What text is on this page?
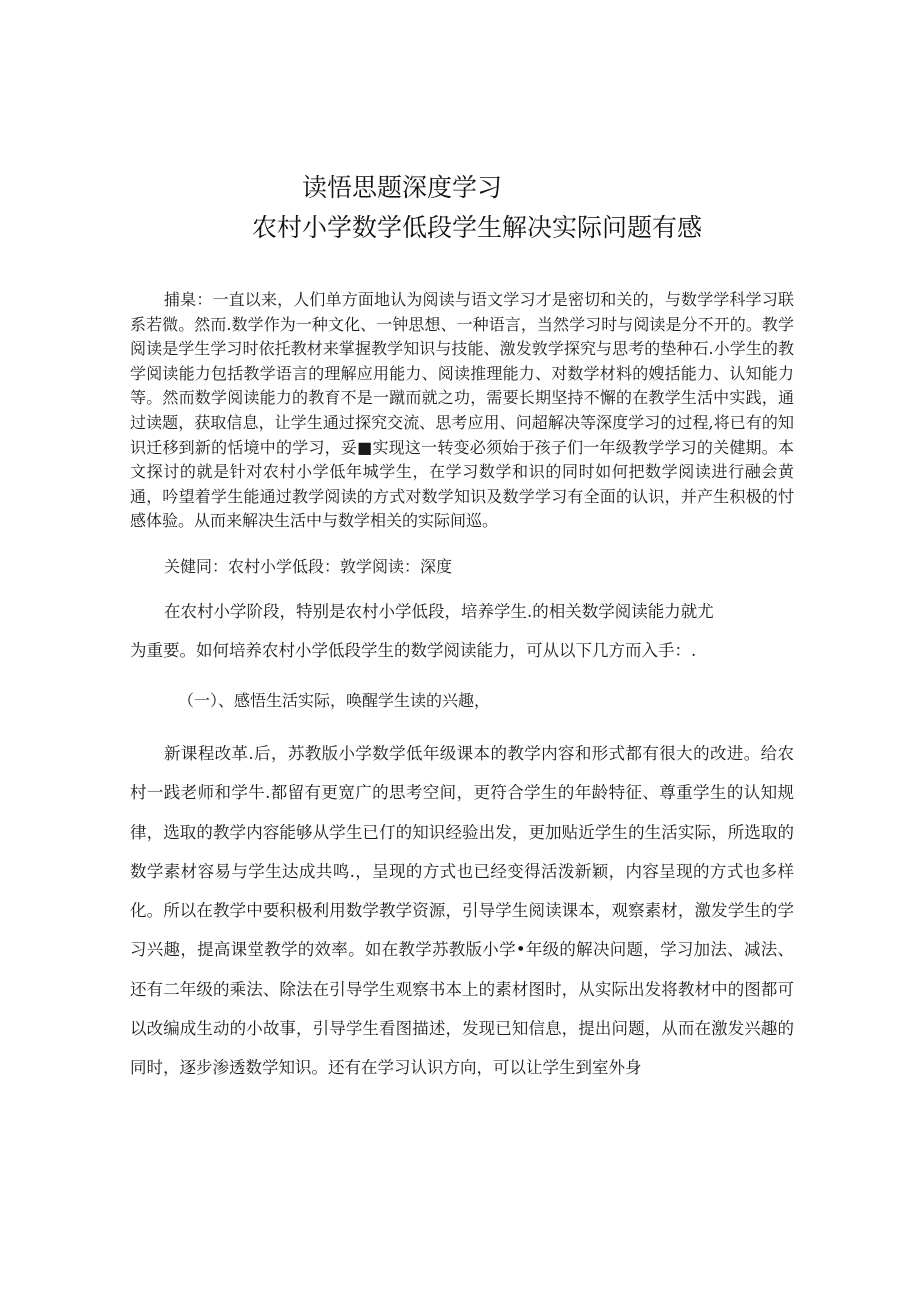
读悟思题深度学习
农村小学数学低段学生解决实际问题有感

捕臬：一直以来，人们单方面地认为阅读与语文学习才是密切和关的，与数学学科学习联系若微。然而.数学作为一种文化、一钟思想、一种语言，当然学习时与阅读是分不开的。教学阅读是学生学习时依托教材来掌握教学知识与技能、激发敦学探究与思考的垫种石.小学生的教学阅读能力包括教学语言的理解应用能力、阅读推理能力、对数学材料的嫂括能力、认知能力等。然而数学阅读能力的教育不是一蹴而就之功，需要长期坚持不懈的在教学生活中实践，通过读题，获取信息，让学生通过探究交流、思考应用、问超解决等深度学习的过程,将已有的知识迁移到新的恬境中的学习，妥■实现这一转变必须始于孩子们一年级教学学习的关健期。本文探讨的就是针对农村小学低年城学生，在学习数学和识的同时如何把数学阅读进行融会黄通，吟望着学生能通过教学阅读的方式对数学知识及数学学习有全面的认识，并产生积极的忖感体验。从而来解决生活中与数学相关的实际间巡。

关健同：农村小学低段：敦学阅读：深度
在农村小学阶段，特别是农村小学低段，培养学生.的相关数学阅读能力就尤
为重要。如何培养农村小学低段学生的数学阅读能力，可从以下几方而入手：.
（一）、感悟生活实际，唤醒学生读的兴趣，

新课程改革.后，苏教版小学数学低年级课本的教学内容和形式都有很大的改进。给农村一践老师和学牛.都留有更宽广的思考空间，更符合学生的年龄特征、尊重学生的认知规律，选取的教学内容能够从学生已仃的知识经验出发，更加贴近学生的生活实际，所选取的数学素材容易与学生达成共鸣.，呈现的方式也已经变得活泼新颖，内容呈现的方式也多样化。所以在教学中要积极利用数学教学资源，引导学生阅读课本，观察素材，激发学生的学习兴趣，提高课堂教学的效率。如在教学苏教版小学•年级的解决问题，学习加法、减法、还有二年级的乘法、除法在引导学生观察书本上的素材图时，从实际出发将教材中的图都可以改编成生动的小故事，引导学生看图描述，发现已知信息，提出问题，从而在激发兴趣的同时，逐步渗透数学知识。还有在学习认识方向，可以让学生到室外身
